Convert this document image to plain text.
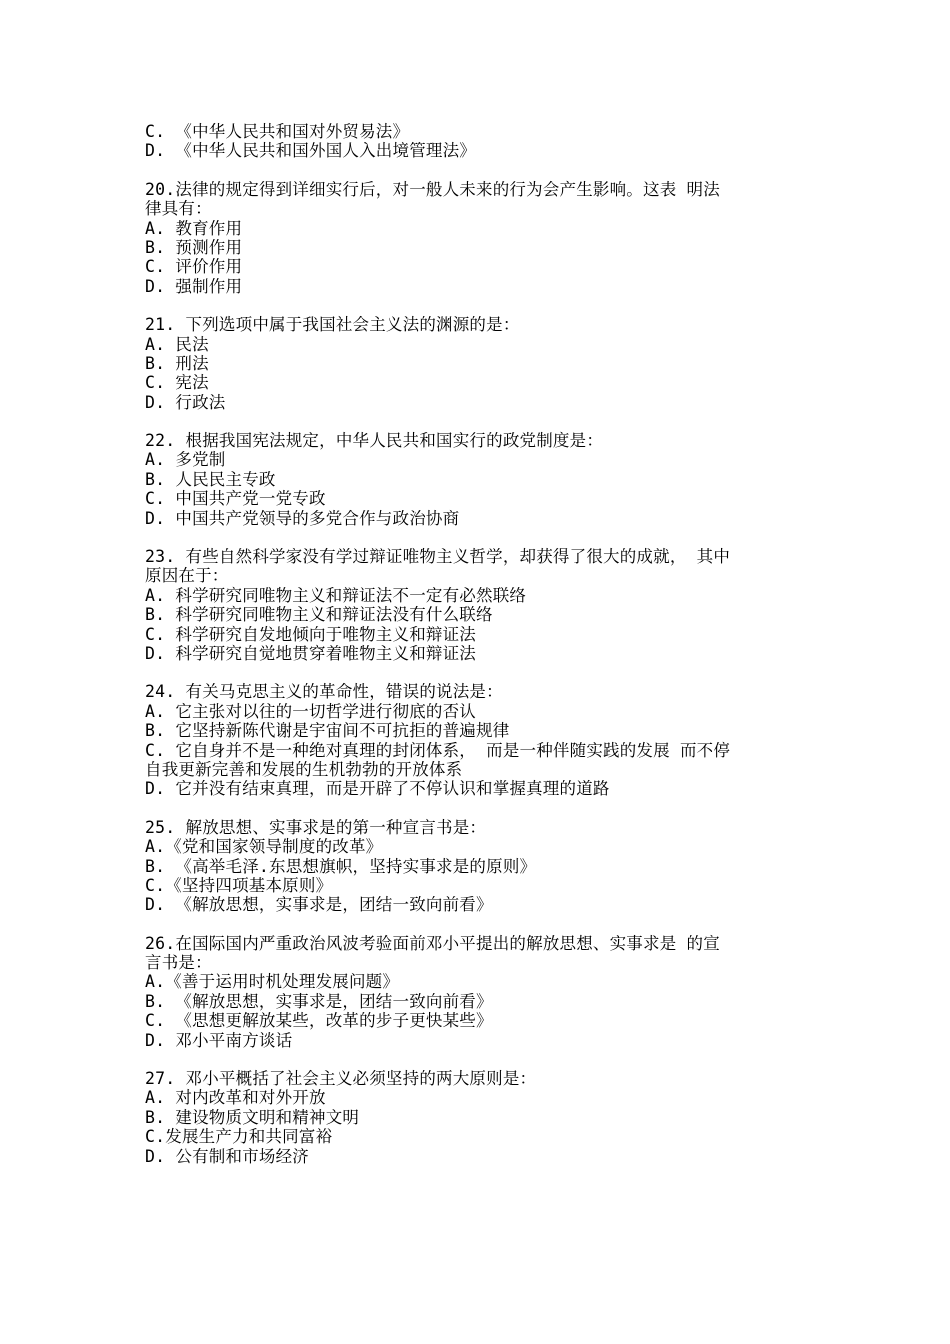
C. 《中华人民共和国对外贸易法》
D. 《中华人民共和国外国人入出境管理法》
20.法律的规定得到详细实行后，对一般人未来的行为会产生影响。这表 明法
律具有：
A. 教育作用
B. 预测作用
C. 评价作用
D. 强制作用
21. 下列选项中属于我国社会主义法的渊源的是：
A. 民法
B. 刑法
C. 宪法
D. 行政法
22. 根据我国宪法规定，中华人民共和国实行的政党制度是：
A. 多党制
B. 人民民主专政
C. 中国共产党一党专政
D. 中国共产党领导的多党合作与政治协商
23. 有些自然科学家没有学过辩证唯物主义哲学，却获得了很大的成就， 其中
原因在于：
A. 科学研究同唯物主义和辩证法不一定有必然联络
B. 科学研究同唯物主义和辩证法没有什么联络
C. 科学研究自发地倾向于唯物主义和辩证法
D. 科学研究自觉地贯穿着唯物主义和辩证法
24. 有关马克思主义的革命性，错误的说法是：
A. 它主张对以往的一切哲学进行彻底的否认
B. 它坚持新陈代谢是宇宙间不可抗拒的普遍规律
C. 它自身并不是一种绝对真理的封闭体系， 而是一种伴随实践的发展 而不停
自我更新完善和发展的生机勃勃的开放体系
D. 它并没有结束真理，而是开辟了不停认识和掌握真理的道路
25. 解放思想、实事求是的第一种宣言书是：
A.《党和国家领导制度的改革》
B. 《高举毛泽.东思想旗帜，坚持实事求是的原则》
C.《坚持四项基本原则》
D. 《解放思想，实事求是，团结一致向前看》
26.在国际国内严重政治风波考验面前邓小平提出的解放思想、实事求是 的宣
言书是：
A.《善于运用时机处理发展问题》
B. 《解放思想，实事求是，团结一致向前看》
C. 《思想更解放某些，改革的步子更快某些》
D. 邓小平南方谈话
27. 邓小平概括了社会主义必须坚持的两大原则是：
A. 对内改革和对外开放
B. 建设物质文明和精神文明
C.发展生产力和共同富裕
D. 公有制和市场经济
